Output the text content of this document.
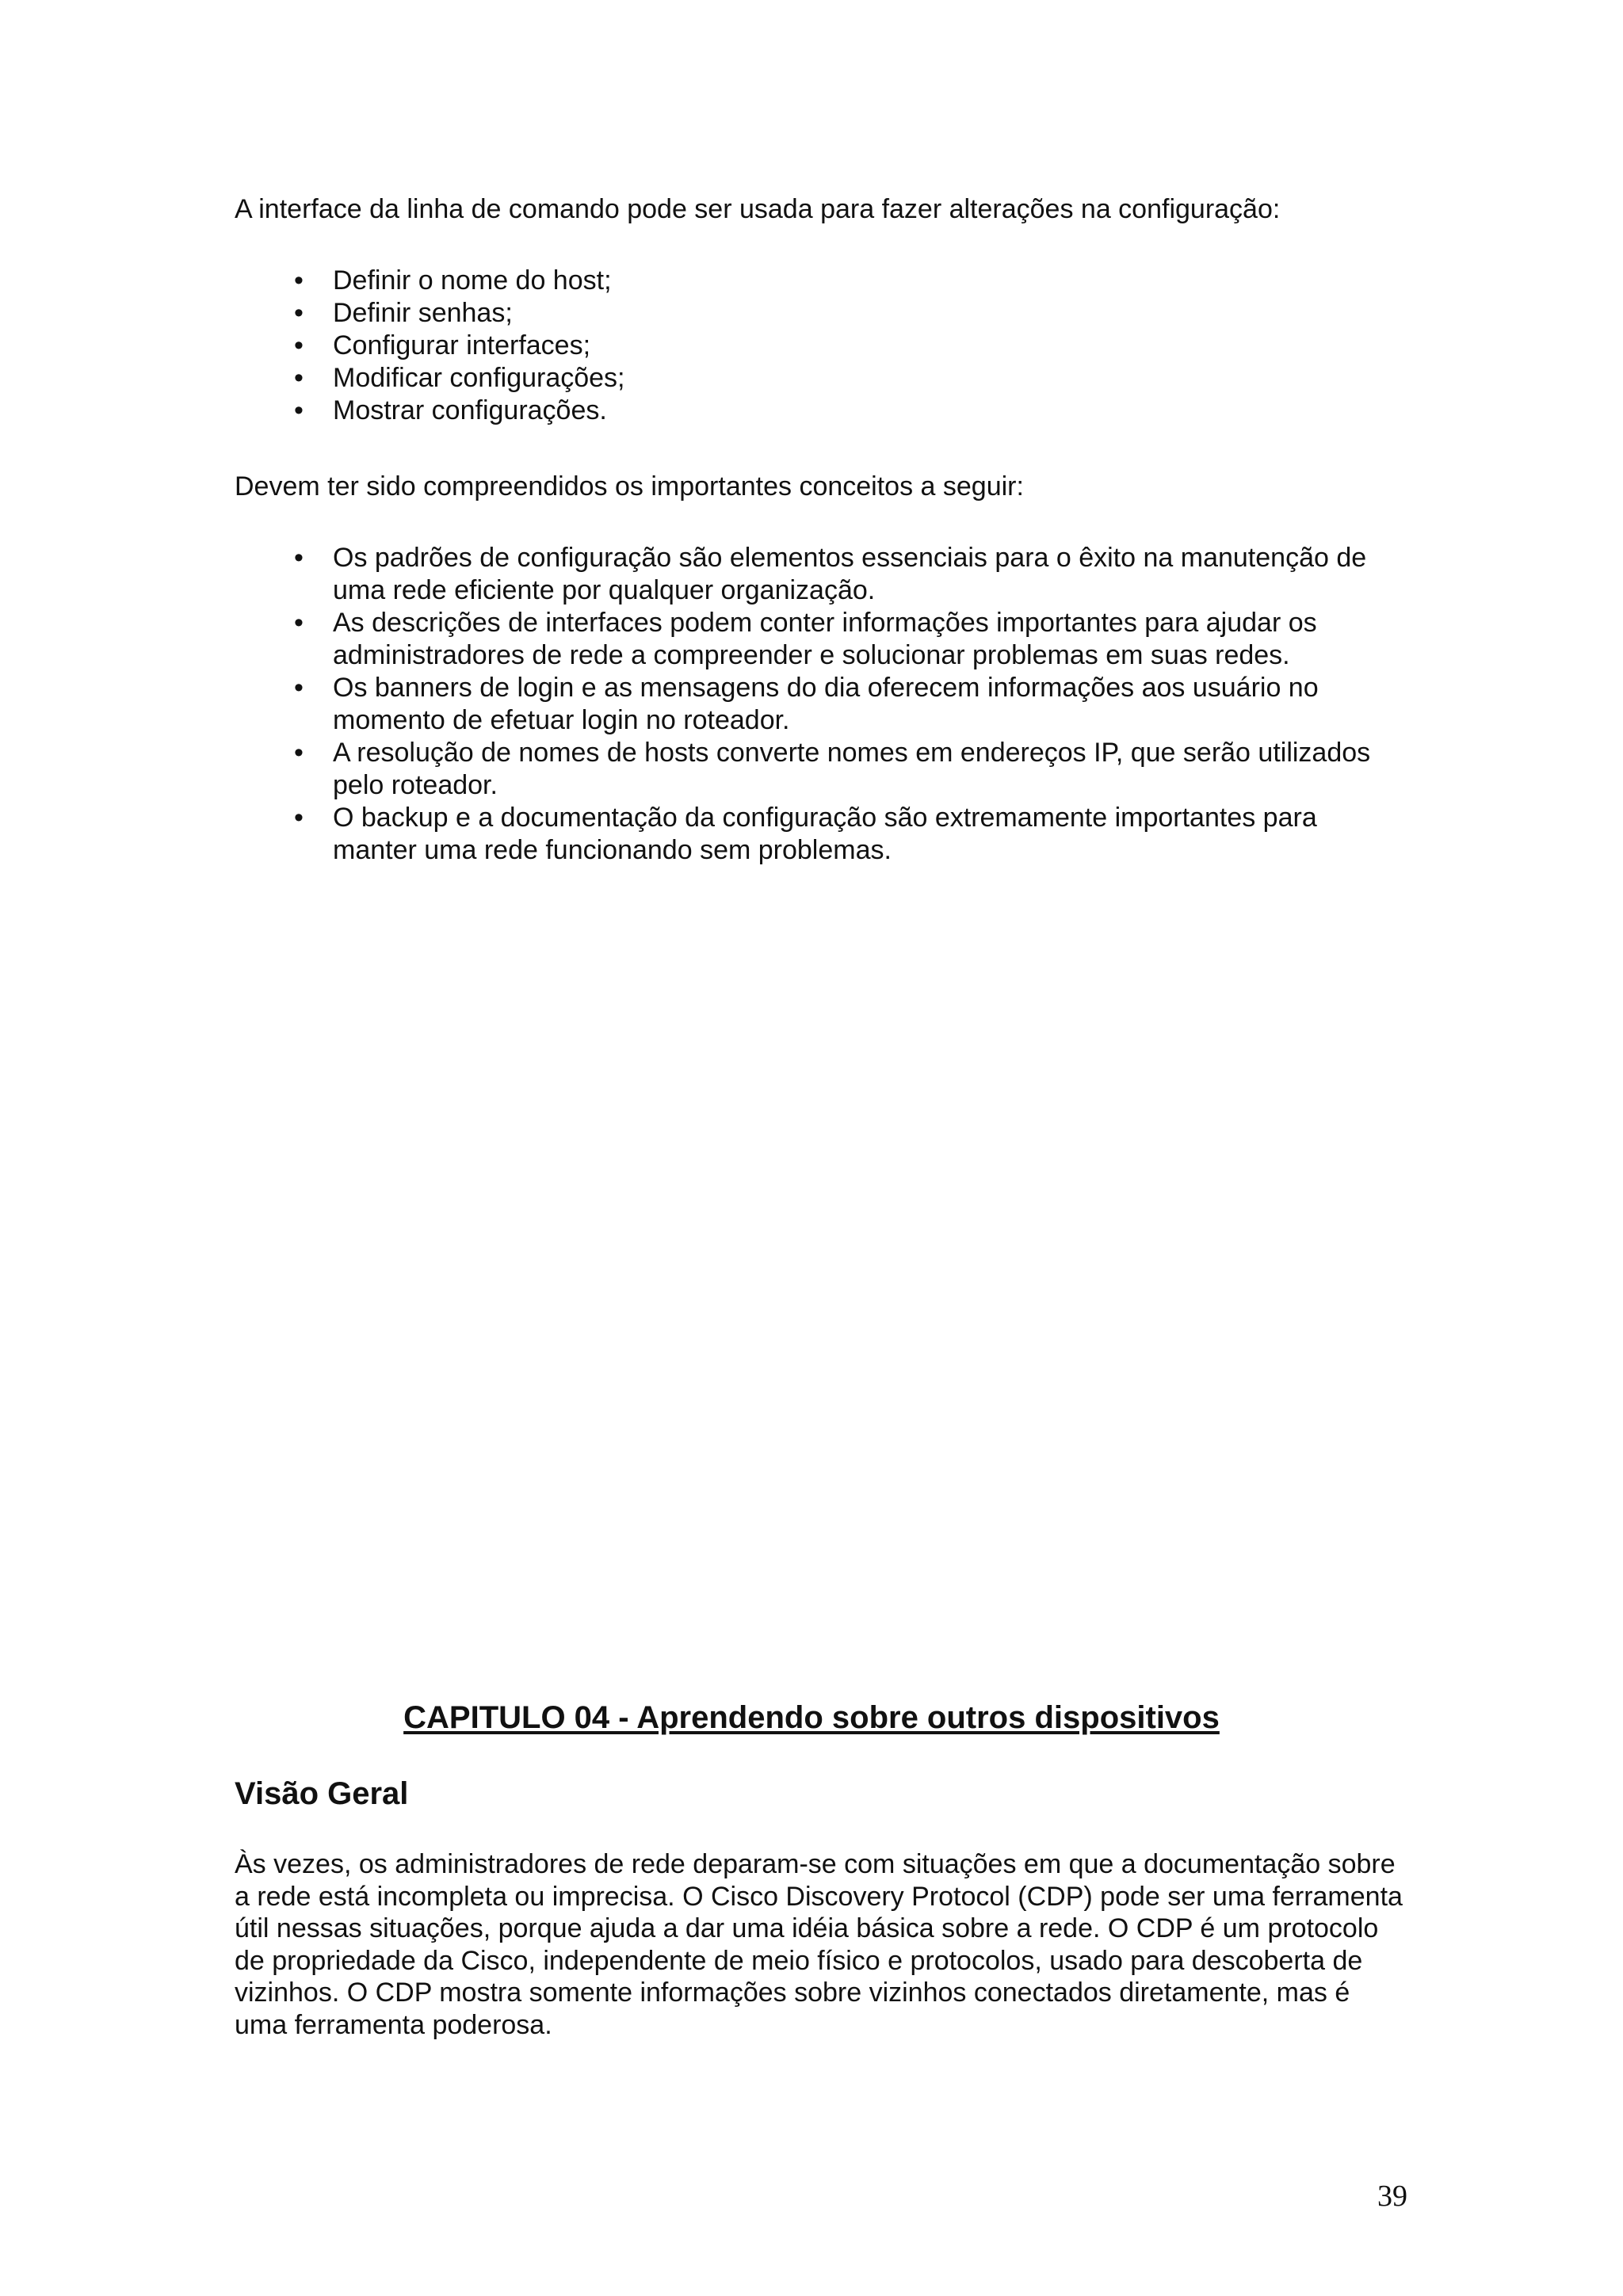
A interface da linha de comando pode ser usada para fazer alterações na configuração:

• Definir o nome do host;
• Definir senhas;
• Configurar interfaces;
• Modificar configurações;
• Mostrar configurações.

Devem ter sido compreendidos os importantes conceitos a seguir:

• Os padrões de configuração são elementos essenciais para o êxito na manutenção de uma rede eficiente por qualquer organização.
• As descrições de interfaces podem conter informações importantes para ajudar os administradores de rede a compreender e solucionar problemas em suas redes.
• Os banners de login e as mensagens do dia oferecem informações aos usuário no momento de efetuar login no roteador.
• A resolução de nomes de hosts converte nomes em endereços IP, que serão utilizados pelo roteador.
• O backup e a documentação da configuração são extremamente importantes para manter uma rede funcionando sem problemas.
CAPITULO 04 - Aprendendo sobre outros dispositivos
Visão Geral

Às vezes, os administradores de rede deparam-se com situações em que a documentação sobre a rede está incompleta ou imprecisa. O Cisco Discovery Protocol (CDP) pode ser uma ferramenta útil nessas situações, porque ajuda a dar uma idéia básica sobre a rede. O CDP é um protocolo de propriedade da Cisco, independente de meio físico e protocolos, usado para descoberta de vizinhos. O CDP mostra somente informações sobre vizinhos conectados diretamente, mas é uma ferramenta poderosa.

39
